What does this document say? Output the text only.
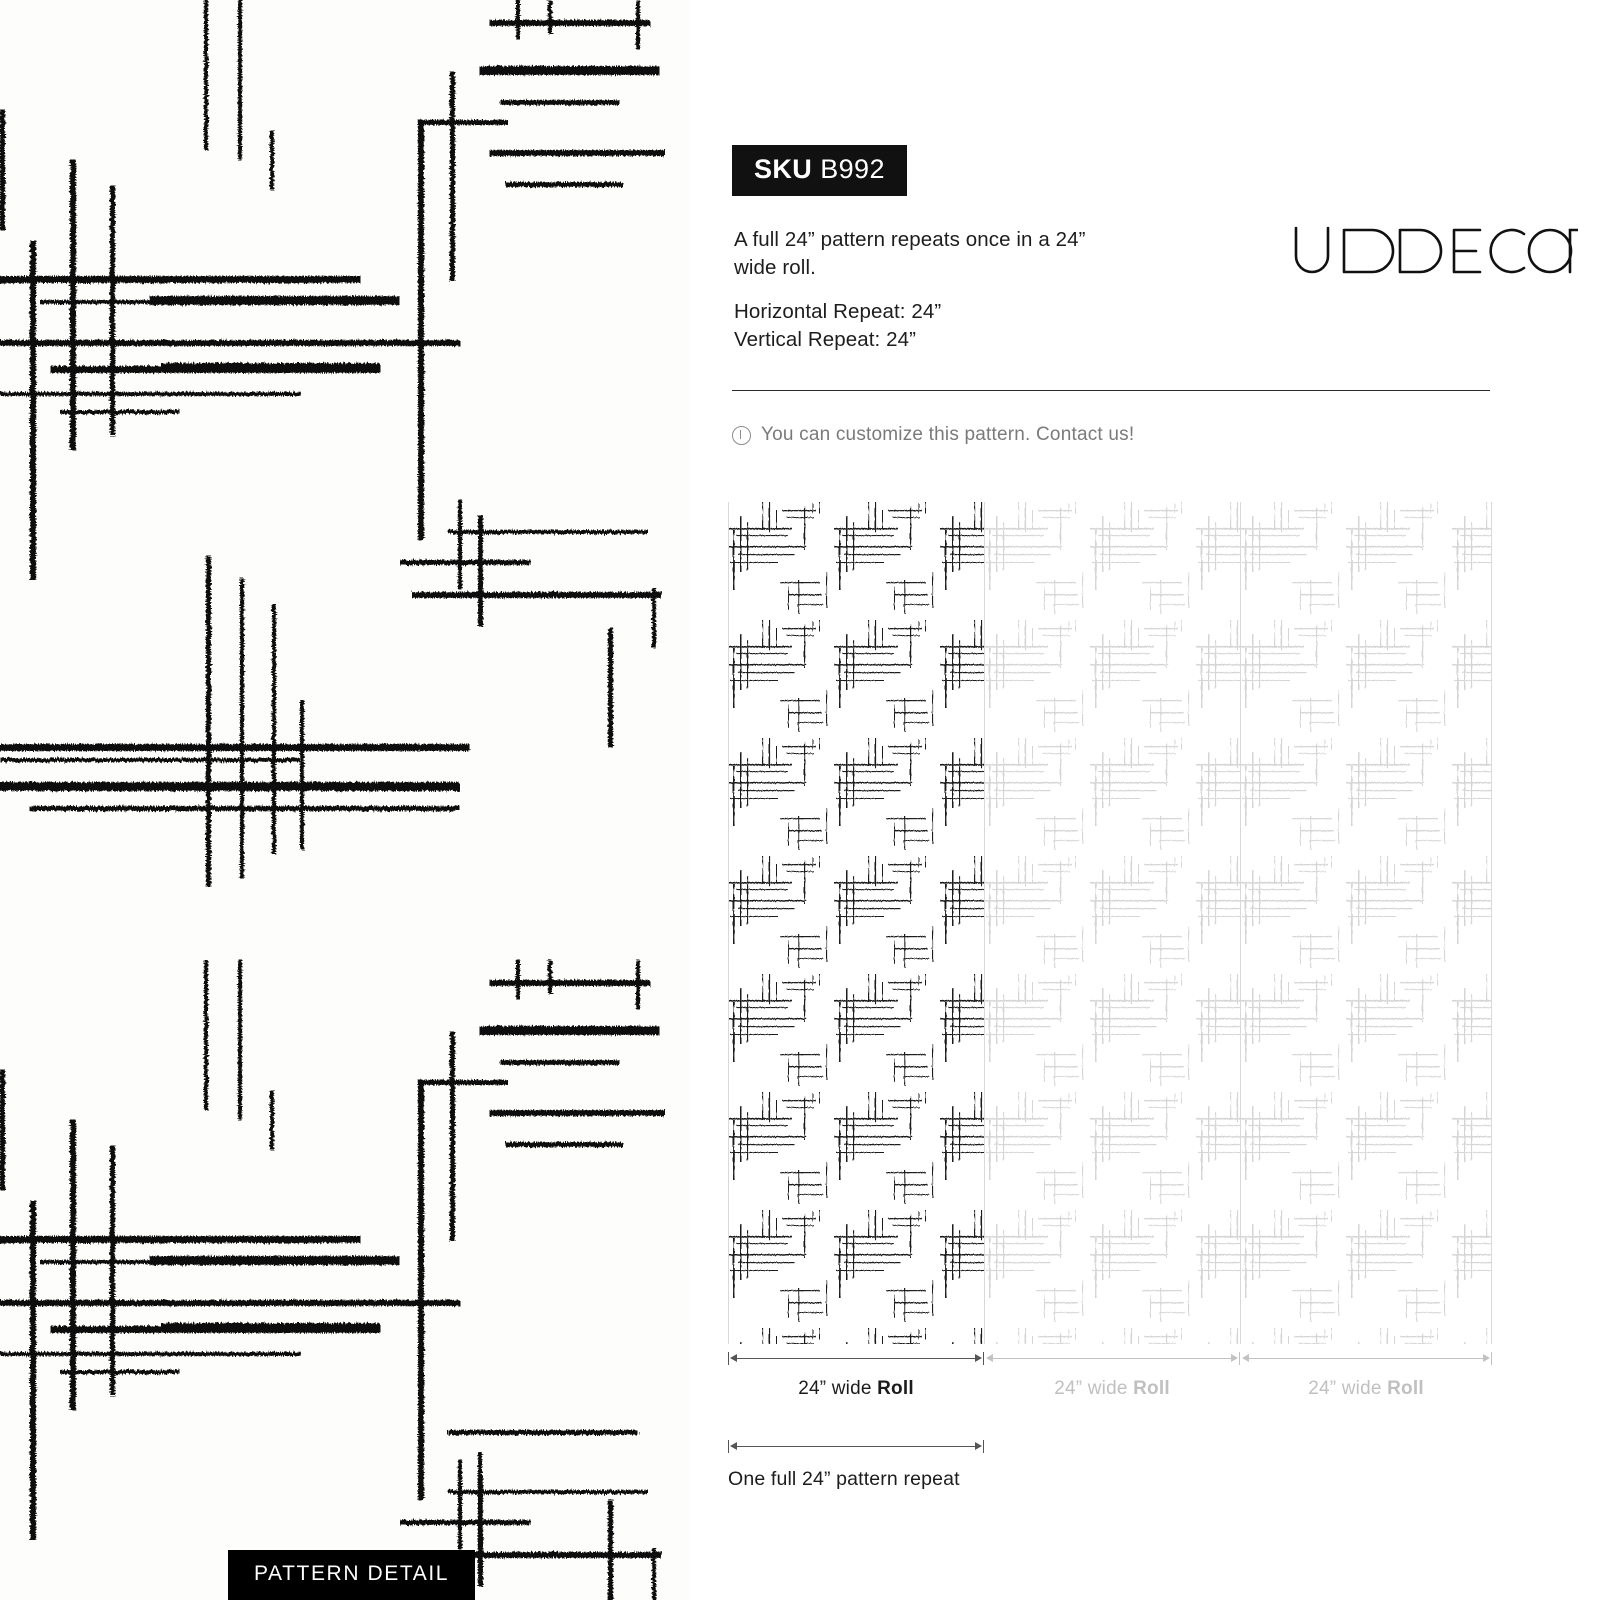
PATTERN DETAIL
SKU B992
A full 24” pattern repeats once in a 24” wide roll.
Horizontal Repeat: 24”
Vertical Repeat: 24”
You can customize this pattern. Contact us!
24” wide Roll	24” wide Roll	24” wide Roll
One full 24” pattern repeat
